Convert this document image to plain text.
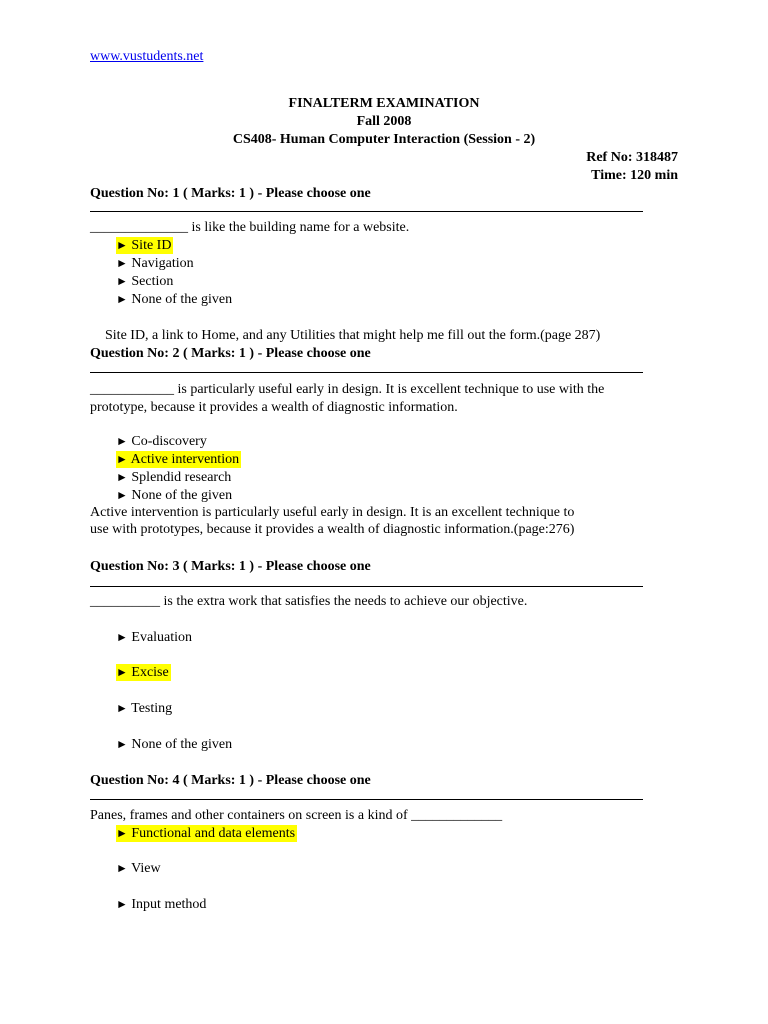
www.vustudents.net
FINALTERM EXAMINATION
Fall 2008
CS408- Human Computer Interaction (Session - 2)
Ref No: 318487
Time: 120 min
Question No: 1 ( Marks: 1 ) - Please choose one
______________ is like the building name for a website.
► Site ID
► Navigation
► Section
► None of the given
Site ID, a link to Home, and any Utilities that might help me fill out the form.(page 287)
Question No: 2 ( Marks: 1 ) - Please choose one
____________ is particularly useful early in design. It is excellent technique to use with the
prototype, because it provides a wealth of diagnostic information.
► Co-discovery
► Active intervention
► Splendid research
► None of the given
Active intervention is particularly useful early in design. It is an excellent technique to
use with prototypes, because it provides a wealth of diagnostic information.(page:276)
Question No: 3 ( Marks: 1 ) - Please choose one
__________ is the extra work that satisfies the needs to achieve our objective.
► Evaluation
► Excise
► Testing
► None of the given
Question No: 4 ( Marks: 1 ) - Please choose one
Panes, frames and other containers on screen is a kind of _____________
► Functional and data elements
► View
► Input method
